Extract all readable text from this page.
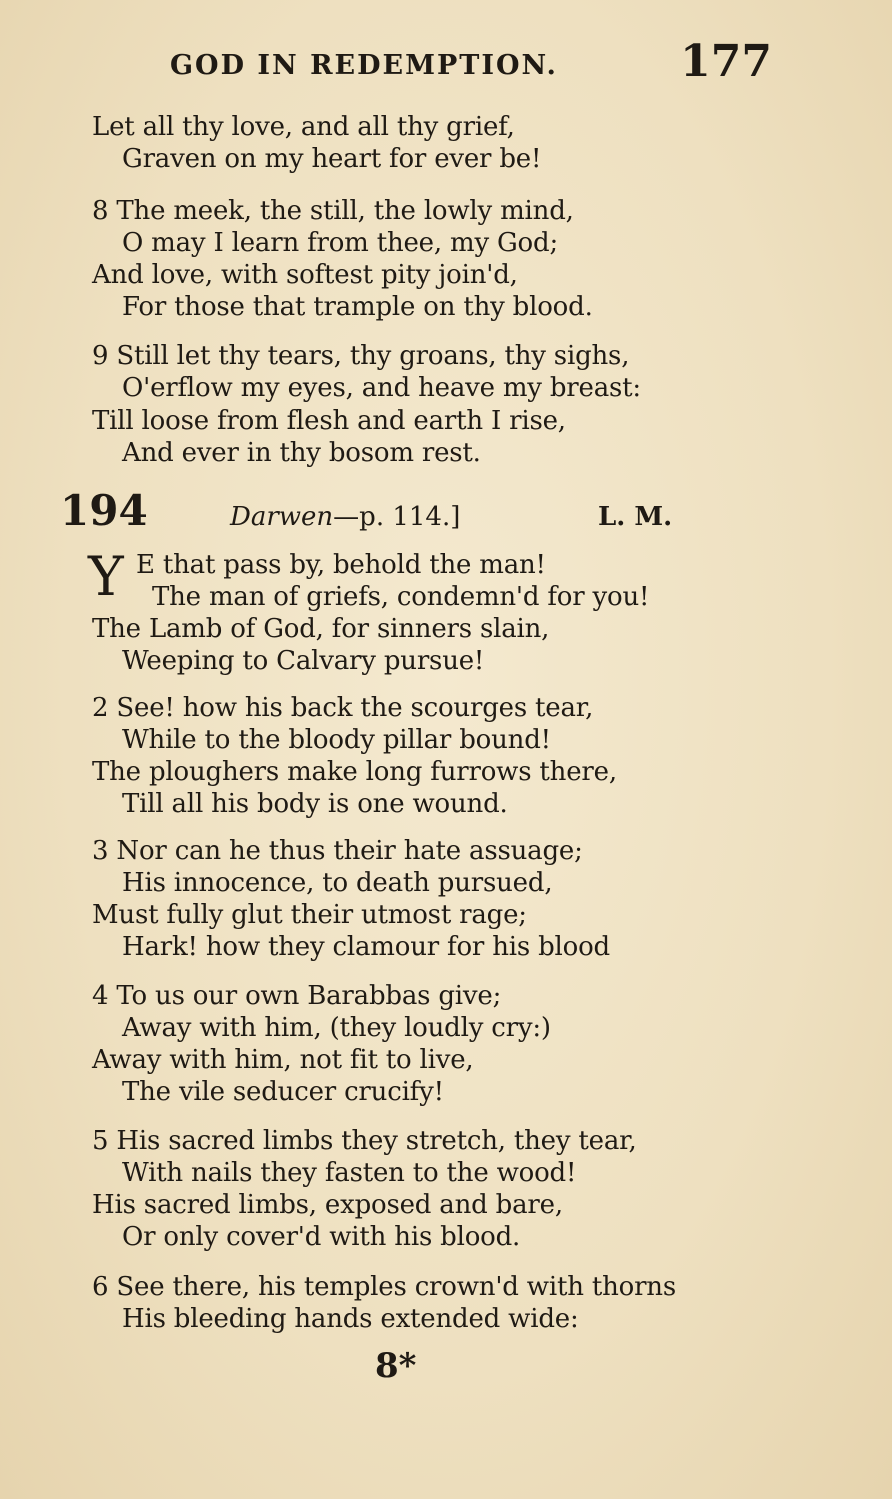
GOD IN REDEMPTION.	177
Let all thy love, and all thy grief,
Graven on my heart for ever be!
8 The meek, the still, the lowly mind,
O may I learn from thee, my God;
And love, with softest pity join'd,
For those that trample on thy blood.
9 Still let thy tears, thy groans, thy sighs,
O'erflow my eyes, and heave my breast:
Till loose from flesh and earth I rise,
And ever in thy bosom rest.
194	Darwen—p. 114.]	L. M.
Y E that pass by, behold the man!
The man of griefs, condemn'd for you!
The Lamb of God, for sinners slain,
Weeping to Calvary pursue!
2 See! how his back the scourges tear,
While to the bloody pillar bound!
The ploughers make long furrows there,
Till all his body is one wound.
3 Nor can he thus their hate assuage;
His innocence, to death pursued,
Must fully glut their utmost rage;
Hark! how they clamour for his blood
4 To us our own Barabbas give;
Away with him, (they loudly cry:)
Away with him, not fit to live,
The vile seducer crucify!
5 His sacred limbs they stretch, they tear,
With nails they fasten to the wood!
His sacred limbs, exposed and bare,
Or only cover'd with his blood.
6 See there, his temples crown'd with thorns
His bleeding hands extended wide:
8*
